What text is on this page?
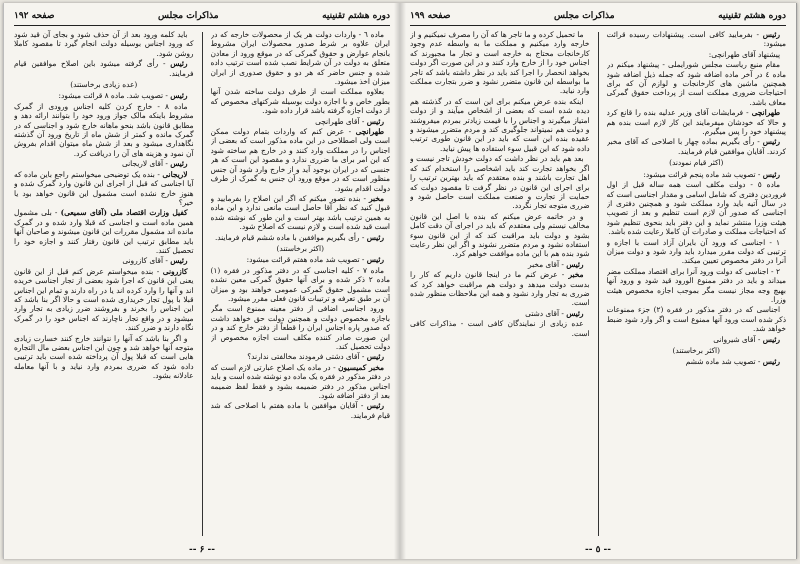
دوره هشتم تقنينيه
مذاكرات مجلس
صفحه ۱۹۲

ماده ٦ - واردات دولت هر یک از محصولات خارجه که در ایران علاوه بر شرط صدور محصولات ایران مشروط بانجام عوارض و حقوق گمرکی که در موقع ورود از معادن متعلق به دولت در آن شرایط نصب شده است ترتیب داده شده و جنس حاضر که هر دو و حقوق صدوری از ایران میزان اخذ میشود.

بعلاوه مملکت است از طرف دولت ساخته شدن آنها بطور خاص و با اجازه دولت بوسیله شرکتهای مخصوص که از دولت اجازه گرفته باشد قرار داده شود.

رئیس - آقای طهرانچی

طهرانچی - عرض کنم که واردات بتمام دولت ممکن است ولی اصطلاحی در این ماده مذکور است که بعضی از اجناس را در مملکت وارد کنند و در خارج هم ساخته شود که این امر برای ما ضرری ندارد و مقصود این است که هر جنسی که در ایران بوجود آید و از خارج وارد شود آن جنس منظور است که در موقع ورود آن جنس به گمرک از طرف دولت اقدام بشود.

مخبر - بنده تصور میکنم که اگر این اصلاح را بفرمایید و قبول کنید که نظر آقا حاصل است مانعی ندارد و این ماده به همین ترتیب باشد بهتر است و این طور که نوشته شده است قید شده است و لازم نیست که اصلاح شود.

رئیس - رأی بگیریم موافقین با ماده ششم قیام فرمایند.

(اکثر برخاستند)

رئیس - تصویب شد ماده هفتم قرائت میشود:

ماده ۷ - کلیه اجناسی که در دفتر مذکور در فقره (۱) ماده ۲ ذکر شده و برای آنها حقوق گمرکی معین نشده است مشمول حقوق گمرکی عمومی خواهند بود و میزان آن بر طبق تعرفه و ترتیبات قانون فعلی مقرر میشود.

ورود اجناسی اضافی از دفتر معینه ممنوع است مگر باجازه مخصوص دولت و همچنین دولت حق خواهد داشت که صدور پاره اجناس ایران را قطعاً از دفتر خارج کند و در این صورت صادر کننده مکلف است اجازه مخصوص از دولت تحصیل کند.

رئیس - آقای دشتی فرمودند مخالفتی ندارند؟

مخبر کمیسیون - در ماده یک اصلاح عبارتی لازم است که در دفتر مذکور در فقره یک ماده دو نوشته شده است و باید اجناس مذکور در دفتر ضمیمه بشود و فقط لفظ ضمیمه بعد از دفتر اضافه شود.

رئیس - آقایان موافقین با ماده هفتم با اصلاحی که شد قیام فرمایند.

باید کلمه ورود بعد از آن حذف شود و بجای آن قید شود که ورود اجناس بوسیله دولت انجام گیرد تا مقصود کاملا روشن شود.

رئیس - رأی گرفته میشود باین اصلاح موافقین قیام فرمایند.

(عده زیادی برخاستند)

رئیس - تصویب شد. ماده ۸ قرائت میشود:

ماده ۸ - خارج کردن کلیه اجناس ورودی از گمرک مشروط باینکه مالک جواز ورود خود را بتوانند ارائه دهد و مطابق قانون باشد بنحو ماهانه خارج شود و اجناسی که در گمرک مانده و کمتر از شش ماه از تاریخ ورود آن گذشته نگاهداری میشود و بعد از شش ماه میتوان اقدام بفروش آن نمود و هزینه های آن را دریافت کرد.

رئیس - آقای لاریجانی

لاریجانی - بنده یک توضیحی میخواستم راجع باین ماده که آیا اجناسی که قبل از اجرای این قانون وارد گمرک شده و هنوز خارج نشده است مشمول این قانون خواهد بود یا خیر؟

کفیل وزارت اقتصاد ملی (آقای سمیعی) - بلی مشمول همین ماده است و اجناسی که قبلا وارد شده و در گمرک مانده اند مشمول مقررات این قانون میشوند و صاحبان آنها باید مطابق ترتیب این قانون رفتار کنند و اجازه خود را تحصیل کنند.

رئیس - آقای کازرونی

کازرونی - بنده میخواستم عرض کنم قبل از این قانون یعنی این قانون که اجرا شود بعضی از تجار اجناسی خریده اند و آنها را وارد کرده اند یا در راه دارند و تمام این اجناس قبلا با پول تجار خریداری شده است و حالا اگر بنا باشد که این اجناس را بخرند و بفروشند ضرر زیادی به تجار وارد میشود و در واقع تجار ناچارند که اجناس خود را در گمرک نگاه دارند و ضرر کنند.

و اگر بنا باشد که آنها را نتوانند خارج کنند خسارت زیادی متوجه آنها خواهد شد و چون این اجناس بعضی مال التجاره هایی است که قبلا پول آن پرداخته شده است باید ترتیبی داده شود که ضرری بمردم وارد نیاید و با آنها معامله عادلانه بشود.

-- ۶ --
دوره هشتم تقنينيه
مذاكرات مجلس
صفحه ۱۹۹

رئیس - بفرمایید کافی است. پیشنهادات رسیده قرائت میشود:

پیشنهاد آقای طهرانچی:

مقام منیع ریاست مجلس شورایملی - پیشنهاد میکنم در ماده ٤ در آخر ماده اضافه شود که جمله ذیل اضافه شود همچنین ماشین های کارخانجات و لوازم آن که برای احتیاجات ضروری مملکت است از پرداخت حقوق گمرکی معاف باشد.

طهرانچی - فرمایشات آقای وزیر عدلیه بنده را قانع کرد و حالا که خودشان میفرمایند این کار لازم است بنده هم پیشنهاد خود را پس میگیرم.

رئیس - رأی بگیریم بماده چهار با اصلاحی که آقای مخبر کردند. آقایان موافقین قیام فرمایند.

(اکثر قیام نمودند)

رئیس - تصویب شد ماده پنجم قرائت میشود:

ماده ٥ - دولت مکلف است همه ساله قبل از اول فروردین دفتری که شامل اسامی و مقدار اجناسی است که در سال آتیه باید وارد مملکت شود و همچنین دفتری از اجناسی که صدور آن لازم است تنظیم و بعد از تصویب هیئت وزرا منتشر نماید و این دفتر باید بنحوی تنظیم شود که احتیاجات مملکت و صادرات آن کاملا رعایت شده باشد.

۱ - اجناسی که ورود آن بایران آزاد است با اجازه و ترتیبی که دولت مقرر میدارد باید وارد شود و دولت میزان آنرا در دفتر مخصوص تعیین میکند.

۲ - اجناسی که دولت ورود آنرا برای اقتصاد مملکت مضر میداند و باید در دفتر ممنوع الورود قید شود و ورود آنها بهیچ وجه مجاز نیست مگر بموجب اجازه مخصوص هیئت وزرا.

اجناسی که در دفتر مذکور در فقره (۲) جزء ممنوعات ذکر شده است ورود آنها ممنوع است و اگر وارد شود ضبط خواهد شد.

رئیس - آقای شیروانی

(اکثر برخاستند)

رئیس - تصویب شد ماده ششم

ما تحمیل کرده و ما تاجر ها که آن را مصرف نمیکنیم و از خارجه وارد میکنیم و مملکت ما به واسطه عدم وجود کارخانجات محتاج به خارجه است و تجار ما مجبورند که اجناس خود را از خارج وارد کنند و در این صورت اگر دولت بخواهد انحصار را اجرا کند باید در نظر داشته باشد که تاجر ما بواسطه این قانون متضرر نشود و ضرر بتجارت مملکت وارد نیاید.

اینکه بنده عرض میکنم برای این است که در گذشته هم دیده شده است که بعضی از اشخاص میآیند و از دولت امتیاز میگیرند و اجناس را با قیمت زیادتر بمردم میفروشند و دولت هم نمیتواند جلوگیری کند و مردم متضرر میشوند و عقیده بنده این است که باید در این قانون طوری ترتیب داده شود که این قبیل سوء استفاده ها پیش نیاید.

بعد هم باید در نظر داشت که دولت خودش تاجر نیست و اگر بخواهد تجارت کند باید اشخاصی را استخدام کند که اهل تجارت باشند و بنده معتقدم که باید بهترین ترتیب را برای اجرای این قانون در نظر گرفت تا مقصود دولت که حمایت از تجارت و صنعت مملکت است حاصل شود و ضرری متوجه تجار نگردد.

و در خاتمه عرض میکنم که بنده با اصل این قانون مخالف نیستم ولی معتقدم که باید در اجرای آن دقت کامل بشود و دولت باید مراقبت کند که از این قانون سوء استفاده نشود و مردم متضرر نشوند و اگر این نظر رعایت شود بنده هم با این ماده موافقت خواهم کرد.

رئیس - آقای مخبر

مخبر - عرض کنم ما در اینجا قانون داریم که کار را بدست دولت میدهد و دولت هم مراقبت خواهد کرد که ضرری به تجار وارد نشود و همه این ملاحظات منظور شده است.

رئیس - آقای دشتی

عده زیادی از نمایندگان کافی است - مذاکرات کافی است.

-- ٥ --
